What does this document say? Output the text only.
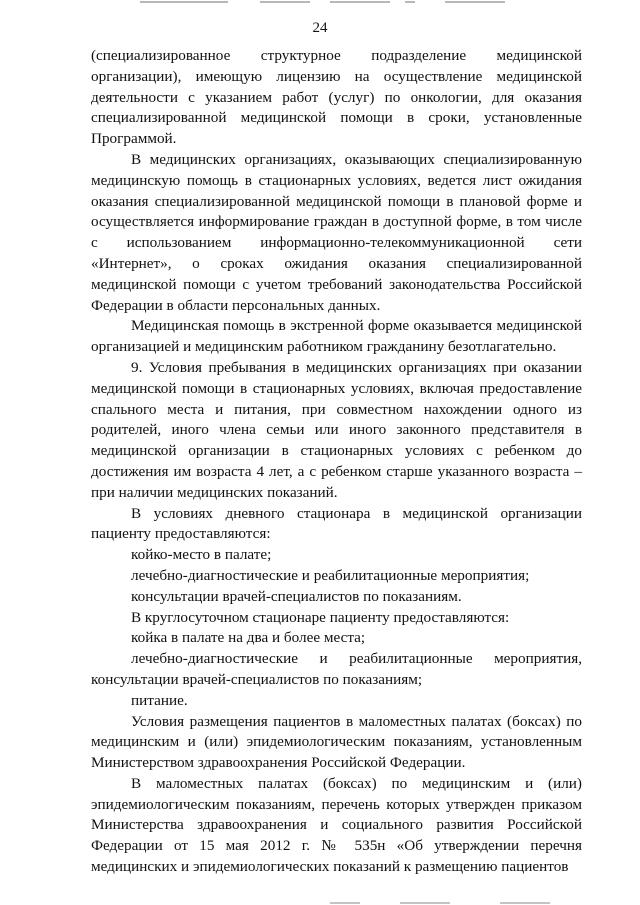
24

(специализированное структурное подразделение медицинской организации), имеющую лицензию на осуществление медицинской деятельности с указанием работ (услуг) по онкологии, для оказания специализированной медицинской помощи в сроки, установленные Программой.

В медицинских организациях, оказывающих специализированную медицинскую помощь в стационарных условиях, ведется лист ожидания оказания специализированной медицинской помощи в плановой форме и осуществляется информирование граждан в доступной форме, в том числе с использованием информационно-телекоммуникационной сети «Интернет», о сроках ожидания оказания специализированной медицинской помощи с учетом требований законодательства Российской Федерации в области персональных данных.

Медицинская помощь в экстренной форме оказывается медицинской организацией и медицинским работником гражданину безотлагательно.

9. Условия пребывания в медицинских организациях при оказании медицинской помощи в стационарных условиях, включая предоставление спального места и питания, при совместном нахождении одного из родителей, иного члена семьи или иного законного представителя в медицинской организации в стационарных условиях с ребенком до достижения им возраста 4 лет, а с ребенком старше указанного возраста – при наличии медицинских показаний.

В условиях дневного стационара в медицинской организации пациенту предоставляются:

койко-место в палате;

лечебно-диагностические и реабилитационные мероприятия;

консультации врачей-специалистов по показаниям.

В круглосуточном стационаре пациенту предоставляются:

койка в палате на два и более места;

лечебно-диагностические и реабилитационные мероприятия, консультации врачей-специалистов по показаниям;

питание.

Условия размещения пациентов в маломестных палатах (боксах) по медицинским и (или) эпидемиологическим показаниям, установленным Министерством здравоохранения Российской Федерации.

В маломестных палатах (боксах) по медицинским и (или) эпидемиологическим показаниям, перечень которых утвержден приказом Министерства здравоохранения и социального развития Российской Федерации от 15 мая 2012 г. № 535н «Об утверждении перечня медицинских и эпидемиологических показаний к размещению пациентов
